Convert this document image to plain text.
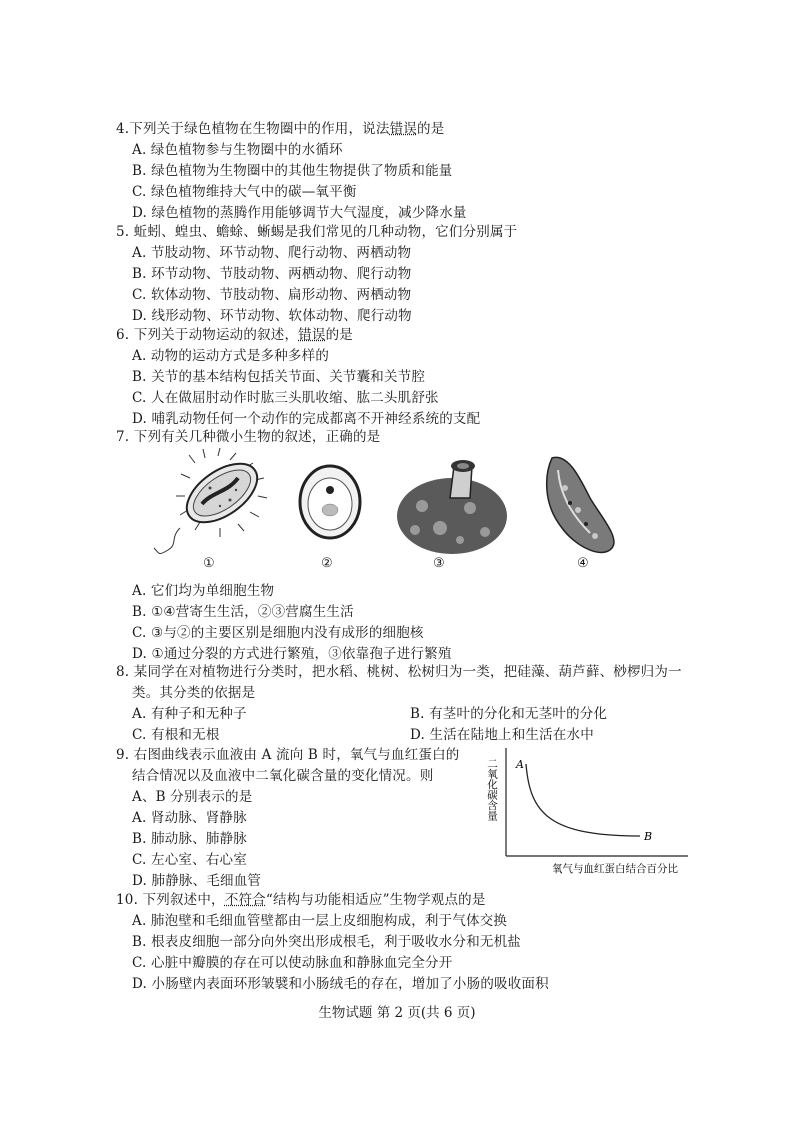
4.下列关于绿色植物在生物圈中的作用，说法错误的是
A. 绿色植物参与生物圈中的水循环
B. 绿色植物为生物圈中的其他生物提供了物质和能量
C. 绿色植物维持大气中的碳—氧平衡
D. 绿色植物的蒸腾作用能够调节大气湿度，减少降水量
5. 蚯蚓、蝗虫、蟾蜍、蜥蜴是我们常见的几种动物，它们分别属于
A. 节肢动物、环节动物、爬行动物、两栖动物
B. 环节动物、节肢动物、两栖动物、爬行动物
C. 软体动物、节肢动物、扁形动物、两栖动物
D. 线形动物、环节动物、软体动物、爬行动物
6. 下列关于动物运动的叙述，错误的是
A. 动物的运动方式是多种多样的
B. 关节的基本结构包括关节面、关节囊和关节腔
C. 人在做屈肘动作时肱三头肌收缩、肱二头肌舒张
D. 哺乳动物任何一个动作的完成都离不开神经系统的支配
7. 下列有关几种微小生物的叙述，正确的是
①	②	③	④
A. 它们均为单细胞生物
B. ①④营寄生生活，②③营腐生生活
C. ③与②的主要区别是细胞内没有成形的细胞核
D. ①通过分裂的方式进行繁殖，③依靠孢子进行繁殖
8. 某同学在对植物进行分类时，把水稻、桃树、松树归为一类，把硅藻、葫芦藓、桫椤归为一
类。其分类的依据是
A. 有种子和无种子	B. 有茎叶的分化和无茎叶的分化
C. 有根和无根	D. 生活在陆地上和生活在水中
9. 右图曲线表示血液由 A 流向 B 时，氧气与血红蛋白的
结合情况以及血液中二氧化碳含量的变化情况。则
A、B 分别表示的是
A. 肾动脉、肾静脉
B. 肺动脉、肺静脉
C. 左心室、右心室
D. 肺静脉、毛细血管
A
B
氧气与血红蛋白结合百分比
二氧化碳含量
10. 下列叙述中，不符合“结构与功能相适应”生物学观点的是
A. 肺泡壁和毛细血管壁都由一层上皮细胞构成，利于气体交换
B. 根表皮细胞一部分向外突出形成根毛，利于吸收水分和无机盐
C. 心脏中瓣膜的存在可以使动脉血和静脉血完全分开
D. 小肠壁内表面环形皱襞和小肠绒毛的存在，增加了小肠的吸收面积
生物试题 第 2 页(共 6 页)
